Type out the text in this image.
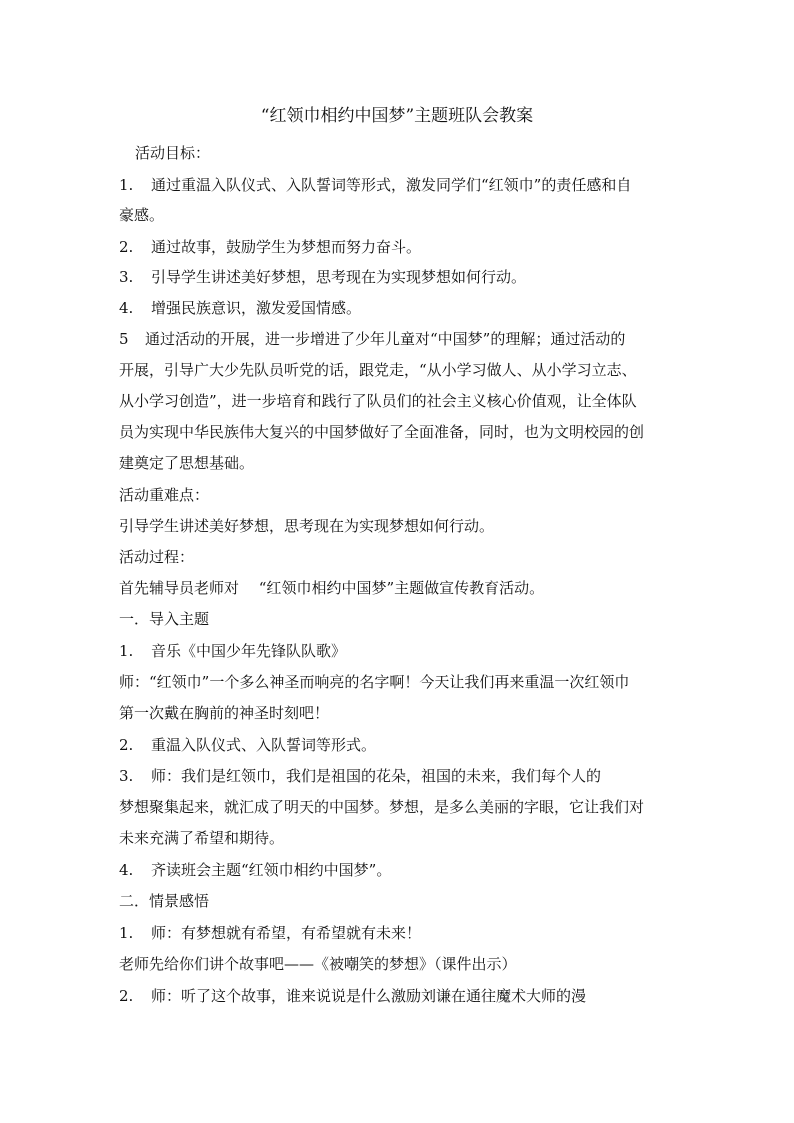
“红领巾相约中国梦”主题班队会教案
活动目标：
1. 通过重温入队仪式、入队誓词等形式，激发同学们“红领巾”的责任感和自
豪感。
2. 通过故事，鼓励学生为梦想而努力奋斗。
3. 引导学生讲述美好梦想，思考现在为实现梦想如何行动。
4. 增强民族意识，激发爱国情感。
5 通过活动的开展，进一步增进了少年儿童对“中国梦”的理解；通过活动的
开展，引导广大少先队员听党的话，跟党走，“从小学习做人、从小学习立志、
从小学习创造”，进一步培育和践行了队员们的社会主义核心价值观，让全体队
员为实现中华民族伟大复兴的中国梦做好了全面准备，同时，也为文明校园的创
建奠定了思想基础。
活动重难点：
引导学生讲述美好梦想，思考现在为实现梦想如何行动。
活动过程：
首先辅导员老师对　 “红领巾相约中国梦”主题做宣传教育活动。
一．导入主题
1. 音乐《中国少年先锋队队歌》
师：“红领巾”一个多么神圣而响亮的名字啊！今天让我们再来重温一次红领巾
第一次戴在胸前的神圣时刻吧！
2. 重温入队仪式、入队誓词等形式。
3. 师：我们是红领巾，我们是祖国的花朵，祖国的未来，我们每个人的
梦想聚集起来，就汇成了明天的中国梦。梦想，是多么美丽的字眼，它让我们对
未来充满了希望和期待。
4. 齐读班会主题“红领巾相约中国梦”。
二．情景感悟
1. 师：有梦想就有希望，有希望就有未来！
老师先给你们讲个故事吧——《被嘲笑的梦想》（课件出示）
2. 师：听了这个故事，谁来说说是什么激励刘谦在通往魔术大师的漫
